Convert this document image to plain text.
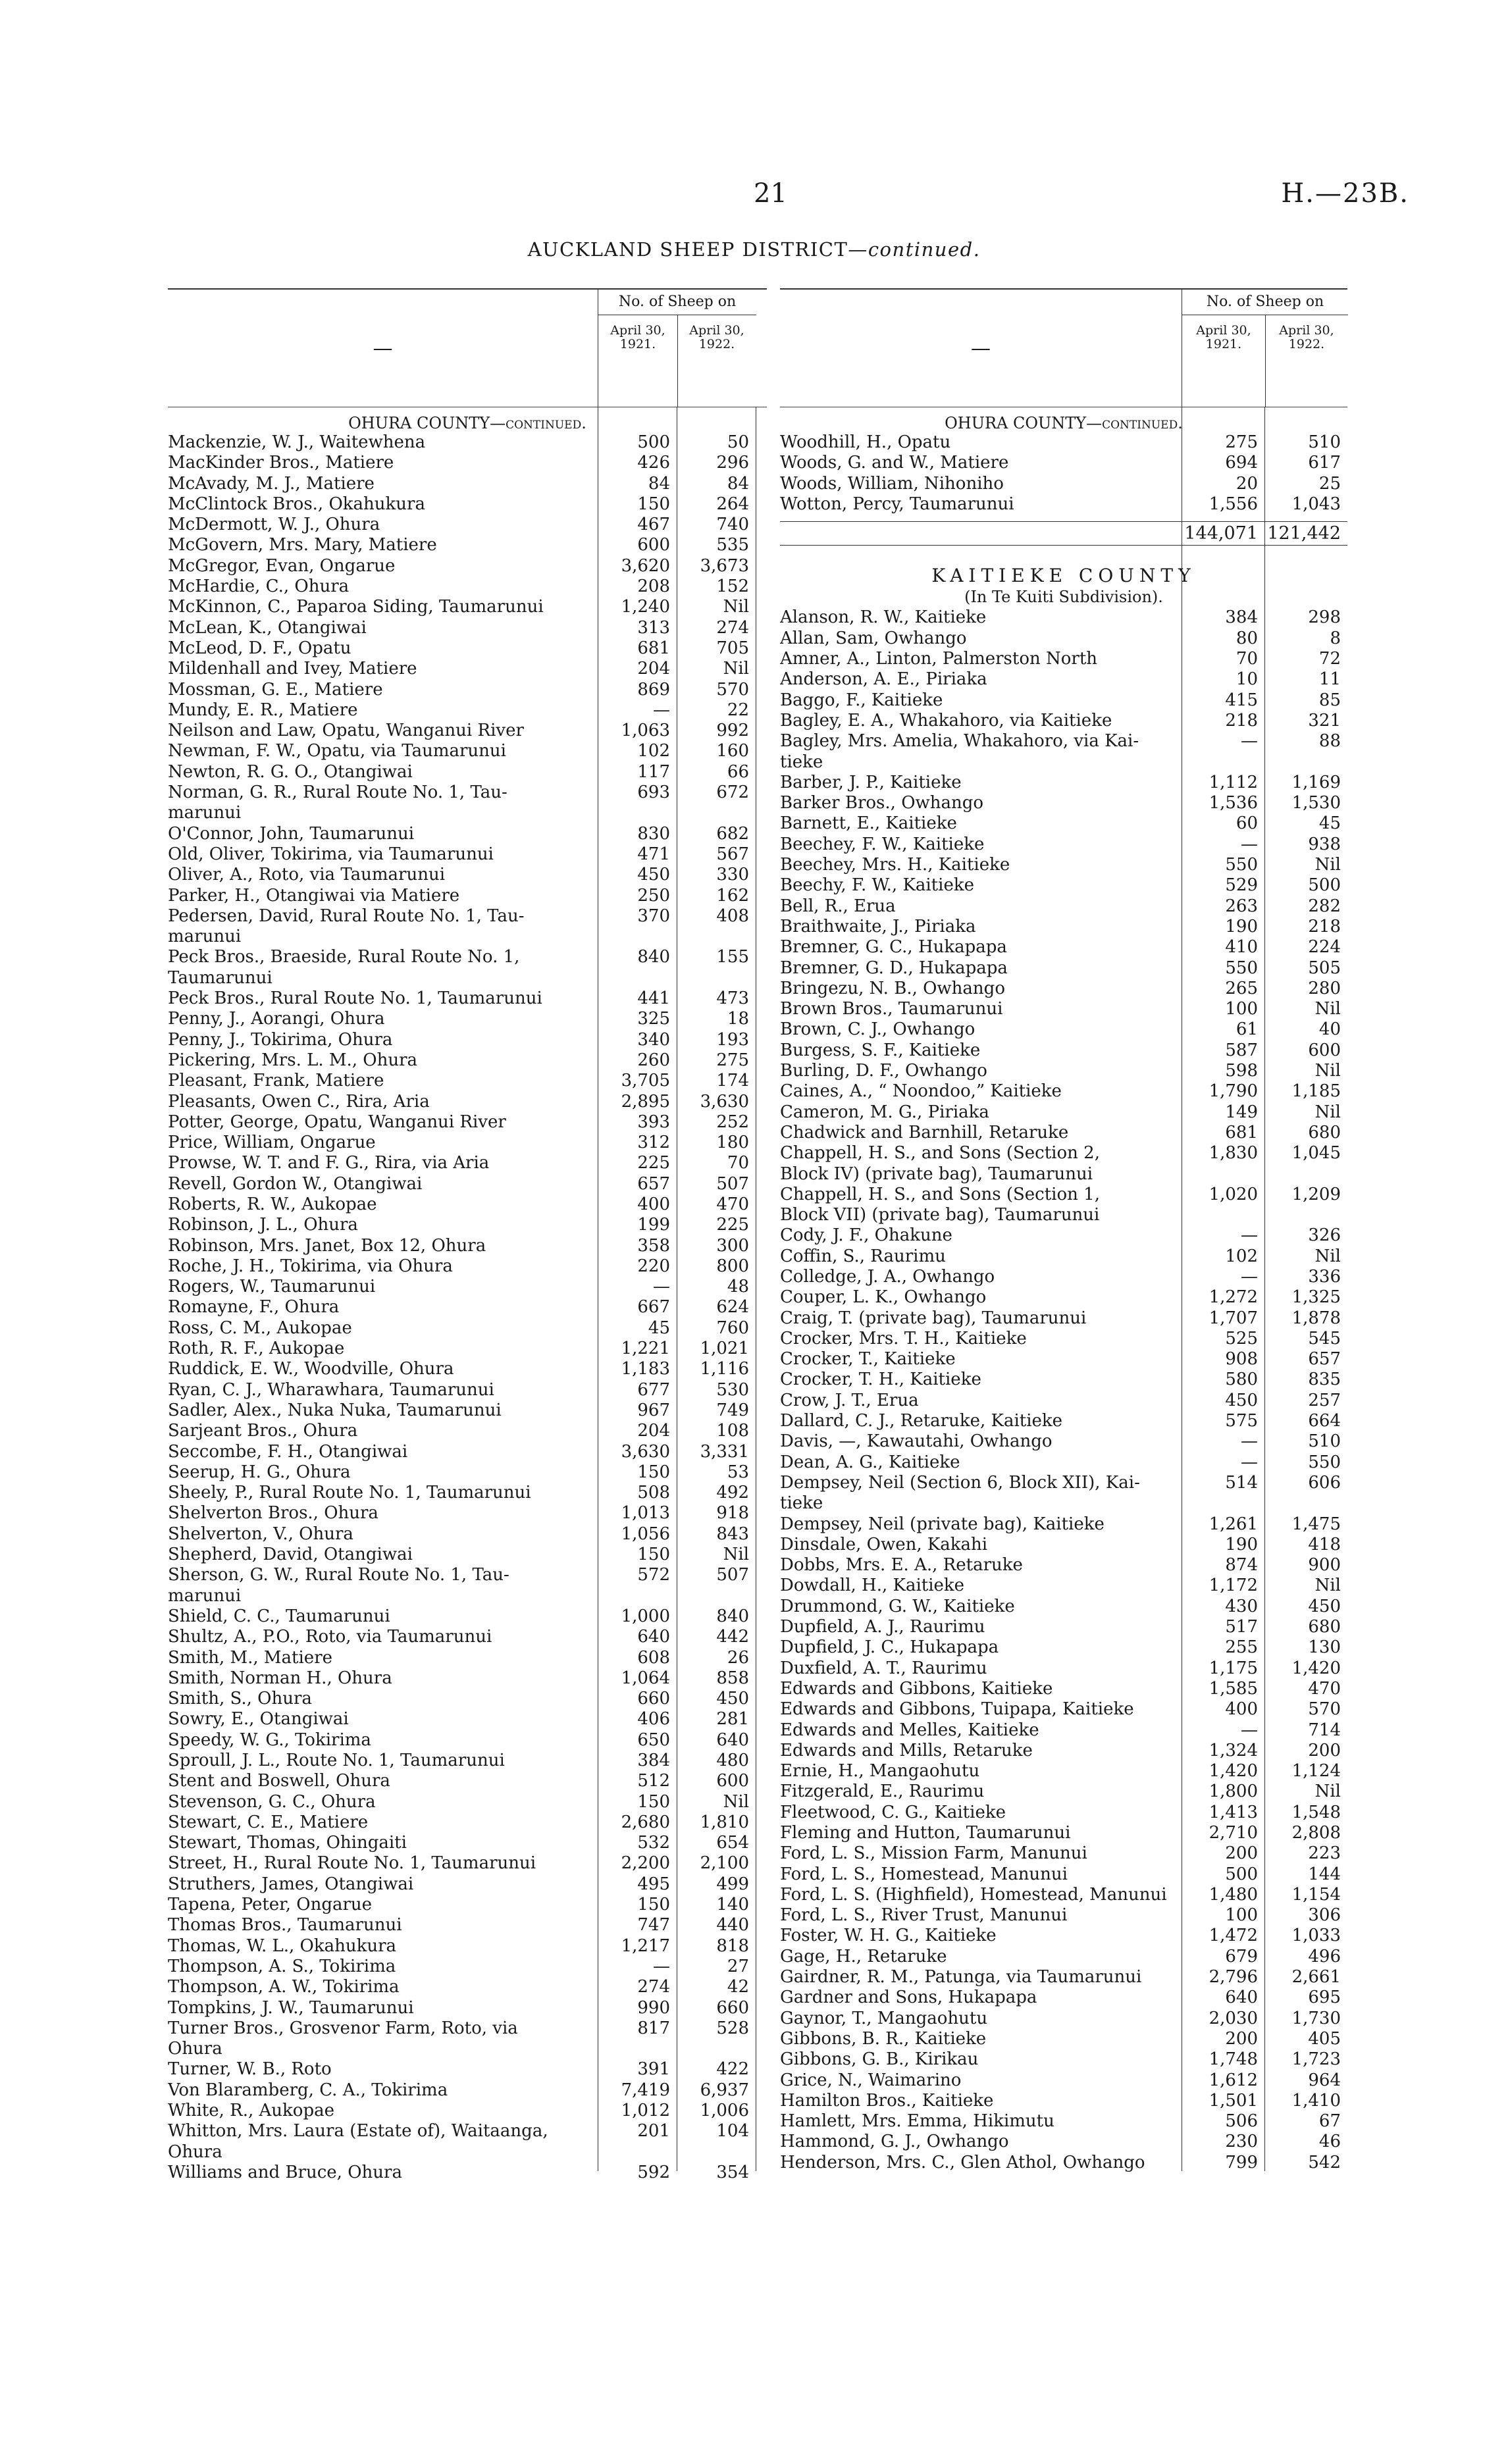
21	H.—23B.
AUCKLAND SHEEP DISTRICT—continued.
—
No. of Sheep on
April 30, 1921.
April 30, 1922.
OHURA COUNTY—continued.
Mackenzie, W. J., Waitewhena	500	50
MacKinder Bros., Matiere	426	296
McAvady, M. J., Matiere	84	84
McClintock Bros., Okahukura	150	264
McDermott, W. J., Ohura	467	740
McGovern, Mrs. Mary, Matiere	600	535
McGregor, Evan, Ongarue	3,620	3,673
McHardie, C., Ohura	208	152
McKinnon, C., Paparoa Siding, Taumarunui	1,240	Nil
McLean, K., Otangiwai	313	274
McLeod, D. F., Opatu	681	705
Mildenhall and Ivey, Matiere	204	Nil
Mossman, G. E., Matiere	869	570
Mundy, E. R., Matiere	—	22
Neilson and Law, Opatu, Wanganui River	1,063	992
Newman, F. W., Opatu, via Taumarunui	102	160
Newton, R. G. O., Otangiwai	117	66
Norman, G. R., Rural Route No. 1, Tau-	693	672
marunui
O'Connor, John, Taumarunui	830	682
Old, Oliver, Tokirima, via Taumarunui	471	567
Oliver, A., Roto, via Taumarunui	450	330
Parker, H., Otangiwai via Matiere	250	162
Pedersen, David, Rural Route No. 1, Tau-	370	408
marunui
Peck Bros., Braeside, Rural Route No. 1,	840	155
Taumarunui
Peck Bros., Rural Route No. 1, Taumarunui	441	473
Penny, J., Aorangi, Ohura	325	18
Penny, J., Tokirima, Ohura	340	193
Pickering, Mrs. L. M., Ohura	260	275
Pleasant, Frank, Matiere	3,705	174
Pleasants, Owen C., Rira, Aria	2,895	3,630
Potter, George, Opatu, Wanganui River	393	252
Price, William, Ongarue	312	180
Prowse, W. T. and F. G., Rira, via Aria	225	70
Revell, Gordon W., Otangiwai	657	507
Roberts, R. W., Aukopae	400	470
Robinson, J. L., Ohura	199	225
Robinson, Mrs. Janet, Box 12, Ohura	358	300
Roche, J. H., Tokirima, via Ohura	220	800
Rogers, W., Taumarunui	—	48
Romayne, F., Ohura	667	624
Ross, C. M., Aukopae	45	760
Roth, R. F., Aukopae	1,221	1,021
Ruddick, E. W., Woodville, Ohura	1,183	1,116
Ryan, C. J., Wharawhara, Taumarunui	677	530
Sadler, Alex., Nuka Nuka, Taumarunui	967	749
Sarjeant Bros., Ohura	204	108
Seccombe, F. H., Otangiwai	3,630	3,331
Seerup, H. G., Ohura	150	53
Sheely, P., Rural Route No. 1, Taumarunui	508	492
Shelverton Bros., Ohura	1,013	918
Shelverton, V., Ohura	1,056	843
Shepherd, David, Otangiwai	150	Nil
Sherson, G. W., Rural Route No. 1, Tau-	572	507
marunui
Shield, C. C., Taumarunui	1,000	840
Shultz, A., P.O., Roto, via Taumarunui	640	442
Smith, M., Matiere	608	26
Smith, Norman H., Ohura	1,064	858
Smith, S., Ohura	660	450
Sowry, E., Otangiwai	406	281
Speedy, W. G., Tokirima	650	640
Sproull, J. L., Route No. 1, Taumarunui	384	480
Stent and Boswell, Ohura	512	600
Stevenson, G. C., Ohura	150	Nil
Stewart, C. E., Matiere	2,680	1,810
Stewart, Thomas, Ohingaiti	532	654
Street, H., Rural Route No. 1, Taumarunui	2,200	2,100
Struthers, James, Otangiwai	495	499
Tapena, Peter, Ongarue	150	140
Thomas Bros., Taumarunui	747	440
Thomas, W. L., Okahukura	1,217	818
Thompson, A. S., Tokirima	—	27
Thompson, A. W., Tokirima	274	42
Tompkins, J. W., Taumarunui	990	660
Turner Bros., Grosvenor Farm, Roto, via	817	528
Ohura
Turner, W. B., Roto	391	422
Von Blaramberg, C. A., Tokirima	7,419	6,937
White, R., Aukopae	1,012	1,006
Whitton, Mrs. Laura (Estate of), Waitaanga,	201	104
Ohura
Williams and Bruce, Ohura	592	354
—
No. of Sheep on
April 30, 1921.
April 30, 1922.
OHURA COUNTY—continued.
Woodhill, H., Opatu	275	510
Woods, G. and W., Matiere	694	617
Woods, William, Nihoniho	20	25
Wotton, Percy, Taumarunui	1,556	1,043
144,071 121,442
KAITIEKE COUNTY
(In Te Kuiti Subdivision).
Alanson, R. W., Kaitieke	384	298
Allan, Sam, Owhango	80	8
Amner, A., Linton, Palmerston North	70	72
Anderson, A. E., Piriaka	10	11
Baggo, F., Kaitieke	415	85
Bagley, E. A., Whakahoro, via Kaitieke	218	321
Bagley, Mrs. Amelia, Whakahoro, via Kai-	—	88
tieke
Barber, J. P., Kaitieke	1,112	1,169
Barker Bros., Owhango	1,536	1,530
Barnett, E., Kaitieke	60	45
Beechey, F. W., Kaitieke	—	938
Beechey, Mrs. H., Kaitieke	550	Nil
Beechy, F. W., Kaitieke	529	500
Bell, R., Erua	263	282
Braithwaite, J., Piriaka	190	218
Bremner, G. C., Hukapapa	410	224
Bremner, G. D., Hukapapa	550	505
Bringezu, N. B., Owhango	265	280
Brown Bros., Taumarunui	100	Nil
Brown, C. J., Owhango	61	40
Burgess, S. F., Kaitieke	587	600
Burling, D. F., Owhango	598	Nil
Caines, A., “ Noondoo,” Kaitieke	1,790	1,185
Cameron, M. G., Piriaka	149	Nil
Chadwick and Barnhill, Retaruke	681	680
Chappell, H. S., and Sons (Section 2,	1,830	1,045
Block IV) (private bag), Taumarunui
Chappell, H. S., and Sons (Section 1,	1,020	1,209
Block VII) (private bag), Taumarunui
Cody, J. F., Ohakune	—	326
Coffin, S., Raurimu	102	Nil
Colledge, J. A., Owhango	—	336
Couper, L. K., Owhango	1,272	1,325
Craig, T. (private bag), Taumarunui	1,707	1,878
Crocker, Mrs. T. H., Kaitieke	525	545
Crocker, T., Kaitieke	908	657
Crocker, T. H., Kaitieke	580	835
Crow, J. T., Erua	450	257
Dallard, C. J., Retaruke, Kaitieke	575	664
Davis, —, Kawautahi, Owhango	—	510
Dean, A. G., Kaitieke	—	550
Dempsey, Neil (Section 6, Block XII), Kai-	514	606
tieke
Dempsey, Neil (private bag), Kaitieke	1,261	1,475
Dinsdale, Owen, Kakahi	190	418
Dobbs, Mrs. E. A., Retaruke	874	900
Dowdall, H., Kaitieke	1,172	Nil
Drummond, G. W., Kaitieke	430	450
Dupfield, A. J., Raurimu	517	680
Dupfield, J. C., Hukapapa	255	130
Duxfield, A. T., Raurimu	1,175	1,420
Edwards and Gibbons, Kaitieke	1,585	470
Edwards and Gibbons, Tuipapa, Kaitieke	400	570
Edwards and Melles, Kaitieke	—	714
Edwards and Mills, Retaruke	1,324	200
Ernie, H., Mangaohutu	1,420	1,124
Fitzgerald, E., Raurimu	1,800	Nil
Fleetwood, C. G., Kaitieke	1,413	1,548
Fleming and Hutton, Taumarunui	2,710	2,808
Ford, L. S., Mission Farm, Manunui	200	223
Ford, L. S., Homestead, Manunui	500	144
Ford, L. S. (Highfield), Homestead, Manunui	1,480	1,154
Ford, L. S., River Trust, Manunui	100	306
Foster, W. H. G., Kaitieke	1,472	1,033
Gage, H., Retaruke	679	496
Gairdner, R. M., Patunga, via Taumarunui	2,796	2,661
Gardner and Sons, Hukapapa	640	695
Gaynor, T., Mangaohutu	2,030	1,730
Gibbons, B. R., Kaitieke	200	405
Gibbons, G. B., Kirikau	1,748	1,723
Grice, N., Waimarino	1,612	964
Hamilton Bros., Kaitieke	1,501	1,410
Hamlett, Mrs. Emma, Hikimutu	506	67
Hammond, G. J., Owhango	230	46
Henderson, Mrs. C., Glen Athol, Owhango	799	542
